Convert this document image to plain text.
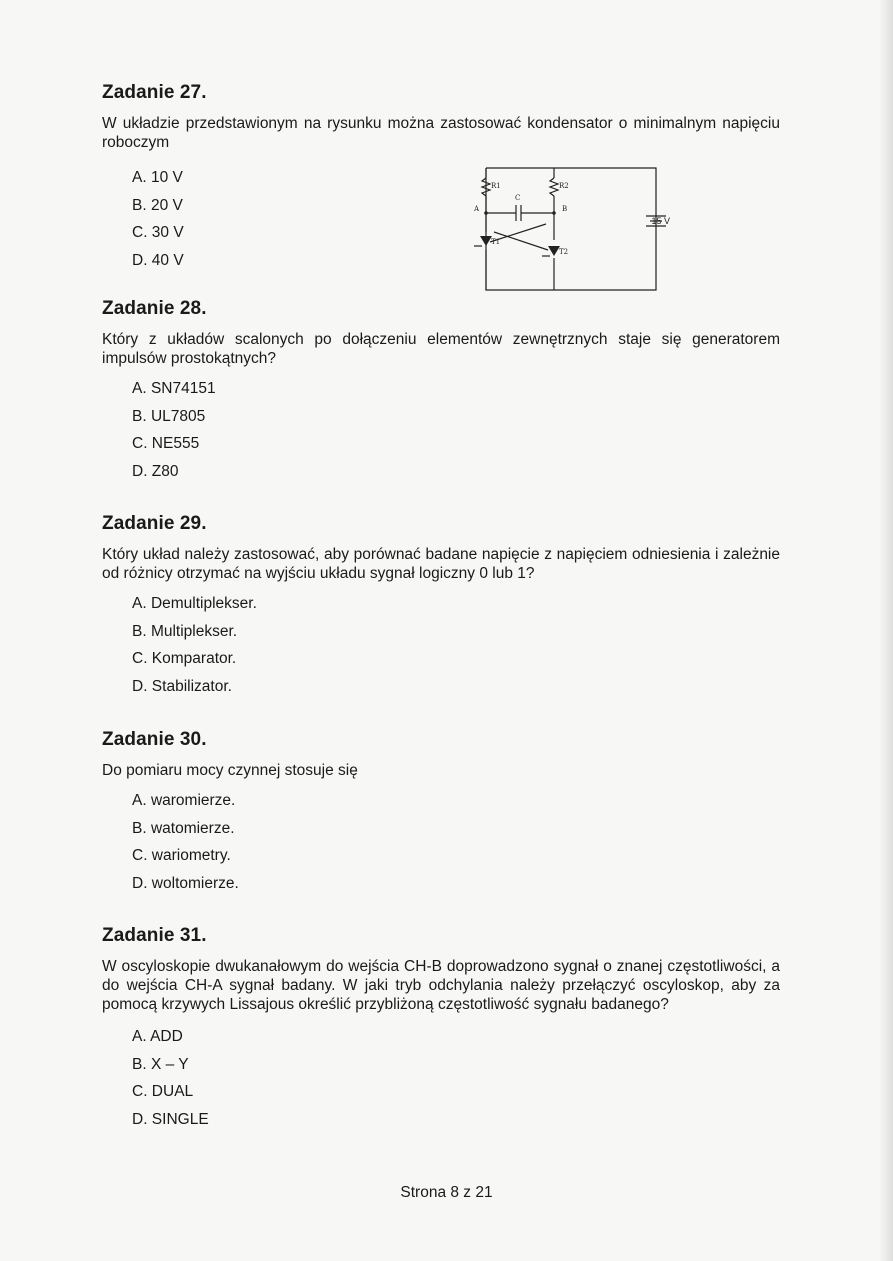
Zadanie 27.

W układzie przedstawionym na rysunku można zastosować kondensator o minimalnym napięciu roboczym

A. 10 V
B. 20 V
C. 30 V
D. 40 V
R1	R2
C
A	B
T1
T2
15 V
Zadanie 28.

Który z układów scalonych po dołączeniu elementów zewnętrznych staje się generatorem impulsów prostokątnych?

A. SN74151
B. UL7805
C. NE555
D. Z80
Zadanie 29.

Który układ należy zastosować, aby porównać badane napięcie z napięciem odniesienia i zależnie od różnicy otrzymać na wyjściu układu sygnał logiczny 0 lub 1?

A. Demultiplekser.
B. Multiplekser.
C. Komparator.
D. Stabilizator.
Zadanie 30.

Do pomiaru mocy czynnej stosuje się

A. waromierze.
B. watomierze.
C. wariometry.
D. woltomierze.
Zadanie 31.

W oscyloskopie dwukanałowym do wejścia CH-B doprowadzono sygnał o znanej częstotliwości, a do wejścia CH-A sygnał badany. W jaki tryb odchylania należy przełączyć oscyloskop, aby za pomocą krzywych Lissajous określić przybliżoną częstotliwość sygnału badanego?

A. ADD
B. X – Y
C. DUAL
D. SINGLE
Strona 8 z 21
